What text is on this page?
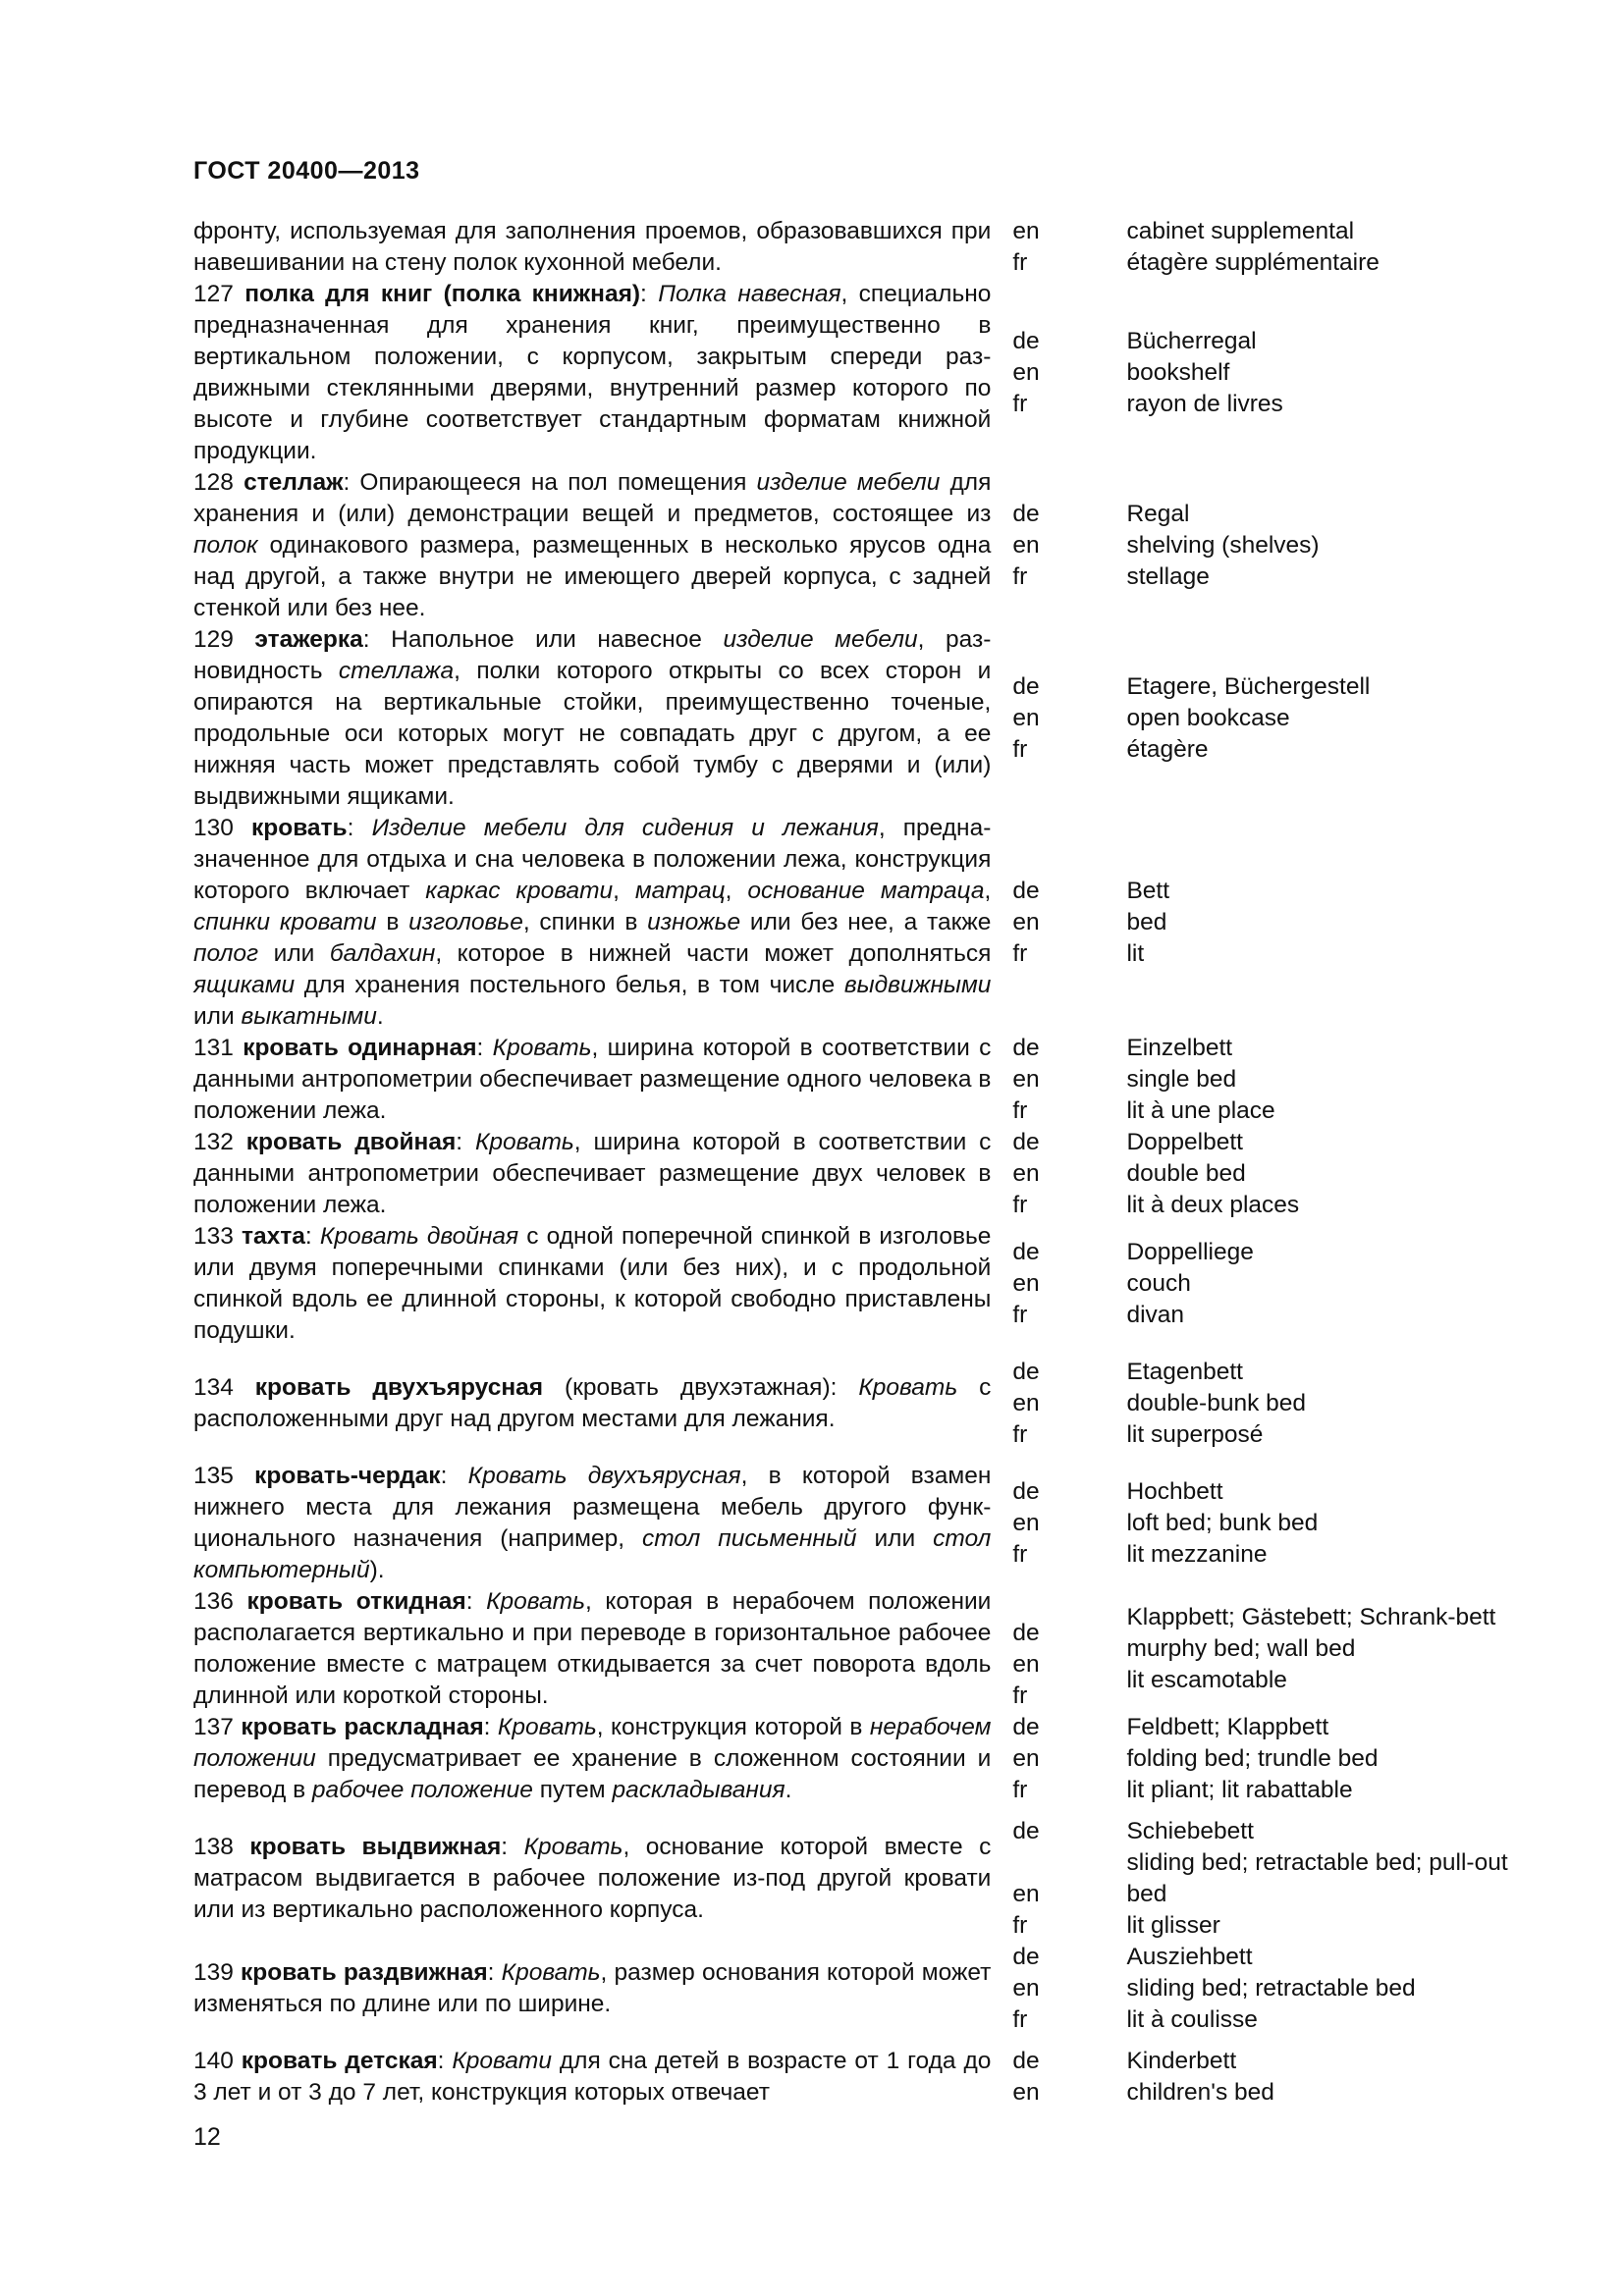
ГОСТ 20400—2013
фронту, используемая для заполнения проемов, образовавшихся при навешивании на стену полок кухонной мебели.
en
fr
cabinet supplemental
étagère supplémentaire
127 полка для книг (полка книжная): Полка навесная, специально предназначенная для хранения книг, преимущественно в вертикальном положении, с корпусом, закрытым спереди раздвижными стеклянными дверями, внутренний размер которого по высоте и глубине соответствует стандартным форматам книжной продукции.
de
en
fr
Bücherregal
bookshelf
rayon de livres
128 стеллаж: Опирающееся на пол помещения изделие мебели для хранения и (или) демонстрации вещей и предметов, состоящее из полок одинакового размера, размещенных в несколько ярусов одна над другой, а также внутри не имеющего дверей корпуса, с задней стенкой или без нее.
de
en
fr
Regal
shelving (shelves)
stellage
129 этажерка: Напольное или навесное изделие мебели, разновидность стеллажа, полки которого открыты со всех сторон и опираются на вертикальные стойки, преимущественно точеные, продольные оси которых могут не совпадать друг с другом, а ее нижняя часть может представлять собой тумбу с дверями и (или) выдвижными ящиками.
de
en
fr
Etagere, Büchergestell
open bookcase
étagère
130 кровать: Изделие мебели для сидения и лежания, предназначенное для отдыха и сна человека в положении лежа, конструкция которого включает каркас кровати, матрац, основание матраца, спинки кровати в изголовье, спинки в изножье или без нее, а также полог или балдахин, которое в нижней части может дополняться ящиками для хранения постельного белья, в том числе выдвижными или выкатными.
de
en
fr
Bett
bed
lit
131 кровать одинарная: Кровать, ширина которой в соответствии с данными антропометрии обеспечивает размещение одного человека в положении лежа.
de
en
fr
Einzelbett
single bed
lit à une place
132 кровать двойная: Кровать, ширина которой в соответствии с данными антропометрии обеспечивает размещение двух человек в положении лежа.
de
en
fr
Doppelbett
double bed
lit à deux places
133 тахта: Кровать двойная с одной поперечной спинкой в изголовье или двумя поперечными спинками (или без них), и с продольной спинкой вдоль ее длинной стороны, к которой свободно приставлены подушки.
de
en
fr
Doppelliege
couch
divan
134 кровать двухъярусная (кровать двухэтажная): Кровать с расположенными друг над другом местами для лежания.
de
en
fr
Etagenbett
double-bunk bed
lit superposé
135 кровать-чердак: Кровать двухъярусная, в которой взамен нижнего места для лежания размещена мебель другого функционального назначения (например, стол письменный или стол компьютерный).
de
en
fr
Hochbett
loft bed; bunk bed
lit mezzanine
136 кровать откидная: Кровать, которая в нерабочем положении располагается вертикально и при переводе в горизонтальное рабочее положение вместе с матрацем откидывается за счет поворота вдоль длинной или короткой стороны.
de
en
fr
Klappbett; Gästebett; Schrank-bett
murphy bed; wall bed
lit escamotable
137 кровать раскладная: Кровать, конструкция которой в нерабочем положении предусматривает ее хранение в сложенном состоянии и перевод в рабочее положение путем раскладывания.
de
en
fr
Feldbett; Klappbett
folding bed; trundle bed
lit pliant; lit rabattable
138 кровать выдвижная: Кровать, основание которой вместе с матрасом выдвигается в рабочее положение из-под другой кровати или из вертикально расположенного корпуса.
de
en
fr
Schiebebett
sliding bed; retractable bed; pull-out bed
lit glisser
139 кровать раздвижная: Кровать, размер основания которой может изменяться по длине или по ширине.
de
en
fr
Ausziehbett
sliding bed; retractable bed
lit à coulisse
140 кровать детская: Кровати для сна детей в возрасте от 1 года до 3 лет и от 3 до 7 лет, конструкция которых отвечает
de
en
Kinderbett
children's bed
12
